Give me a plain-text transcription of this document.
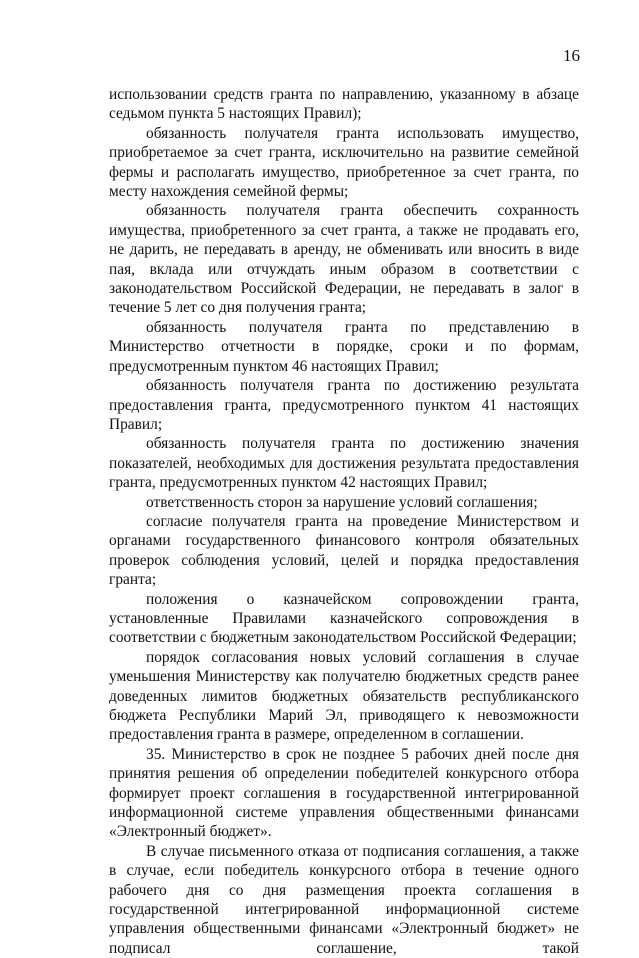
16

использовании средств гранта по направлению, указанному в абзаце седьмом пункта 5 настоящих Правил);

обязанность получателя гранта использовать имущество, приобретаемое за счет гранта, исключительно на развитие семейной фермы и располагать имущество, приобретенное за счет гранта, по месту нахождения семейной фермы;

обязанность получателя гранта обеспечить сохранность имущества, приобретенного за счет гранта, а также не продавать его, не дарить, не передавать в аренду, не обменивать или вносить в виде пая, вклада или отчуждать иным образом в соответствии с законодательством Российской Федерации, не передавать в залог в течение 5 лет со дня получения гранта;

обязанность получателя гранта по представлению в Министерство отчетности в порядке, сроки и по формам, предусмотренным пунктом 46 настоящих Правил;

обязанность получателя гранта по достижению результата предоставления гранта, предусмотренного пунктом 41 настоящих Правил;

обязанность получателя гранта по достижению значения показателей, необходимых для достижения результата предоставления гранта, предусмотренных пунктом 42 настоящих Правил;

ответственность сторон за нарушение условий соглашения;

согласие получателя гранта на проведение Министерством и органами государственного финансового контроля обязательных проверок соблюдения условий, целей и порядка предоставления гранта;

положения о казначейском сопровождении гранта, установленные Правилами казначейского сопровождения в соответствии с бюджетным законодательством Российской Федерации;

порядок согласования новых условий соглашения в случае уменьшения Министерству как получателю бюджетных средств ранее доведенных лимитов бюджетных обязательств республиканского бюджета Республики Марий Эл, приводящего к невозможности предоставления гранта в размере, определенном в соглашении.

35. Министерство в срок не позднее 5 рабочих дней после дня принятия решения об определении победителей конкурсного отбора формирует проект соглашения в государственной интегрированной информационной системе управления общественными финансами «Электронный бюджет».

В случае письменного отказа от подписания соглашения, а также в случае, если победитель конкурсного отбора в течение одного рабочего дня со дня размещения проекта соглашения в государственной интегрированной информационной системе управления общественными финансами «Электронный бюджет» не подписал соглашение, такой
